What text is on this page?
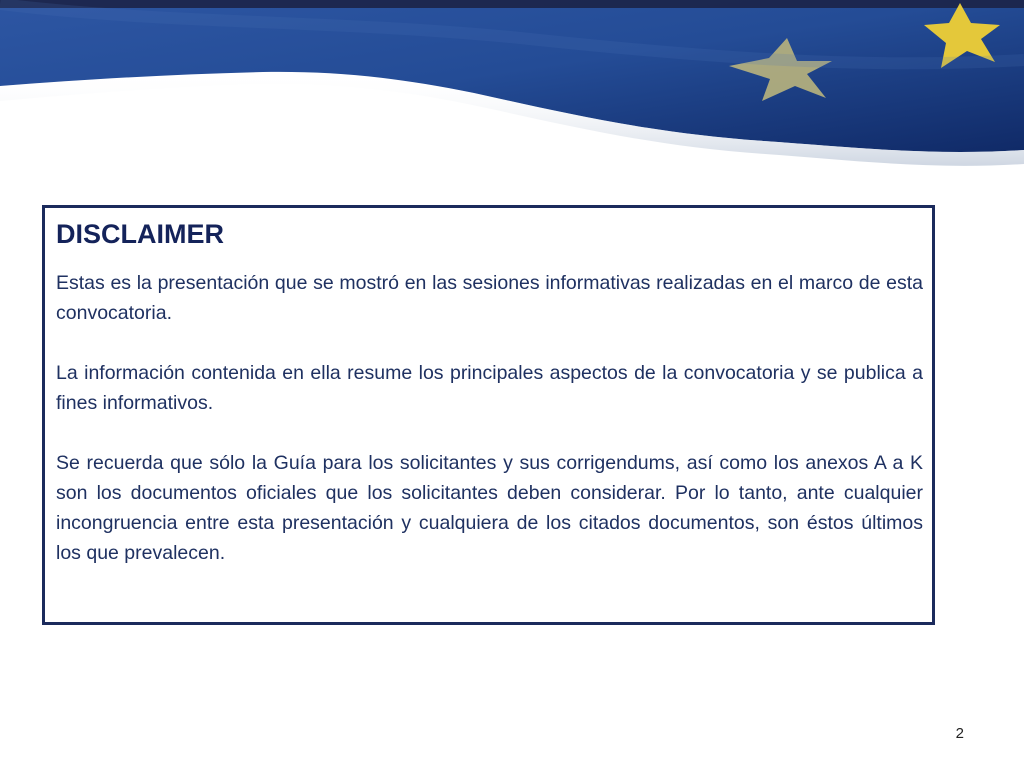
DISCLAIMER

Estas es la presentación que se mostró en las sesiones informativas realizadas en el marco de esta convocatoria.

La información contenida en ella resume los principales aspectos de la convocatoria y se publica a fines informativos.

Se recuerda que sólo la Guía para los solicitantes y sus corrigendums, así como los anexos A a K son los documentos oficiales que los solicitantes deben considerar. Por lo tanto, ante cualquier incongruencia entre esta presentación y cualquiera de los citados documentos, son éstos últimos los que prevalecen.

2
